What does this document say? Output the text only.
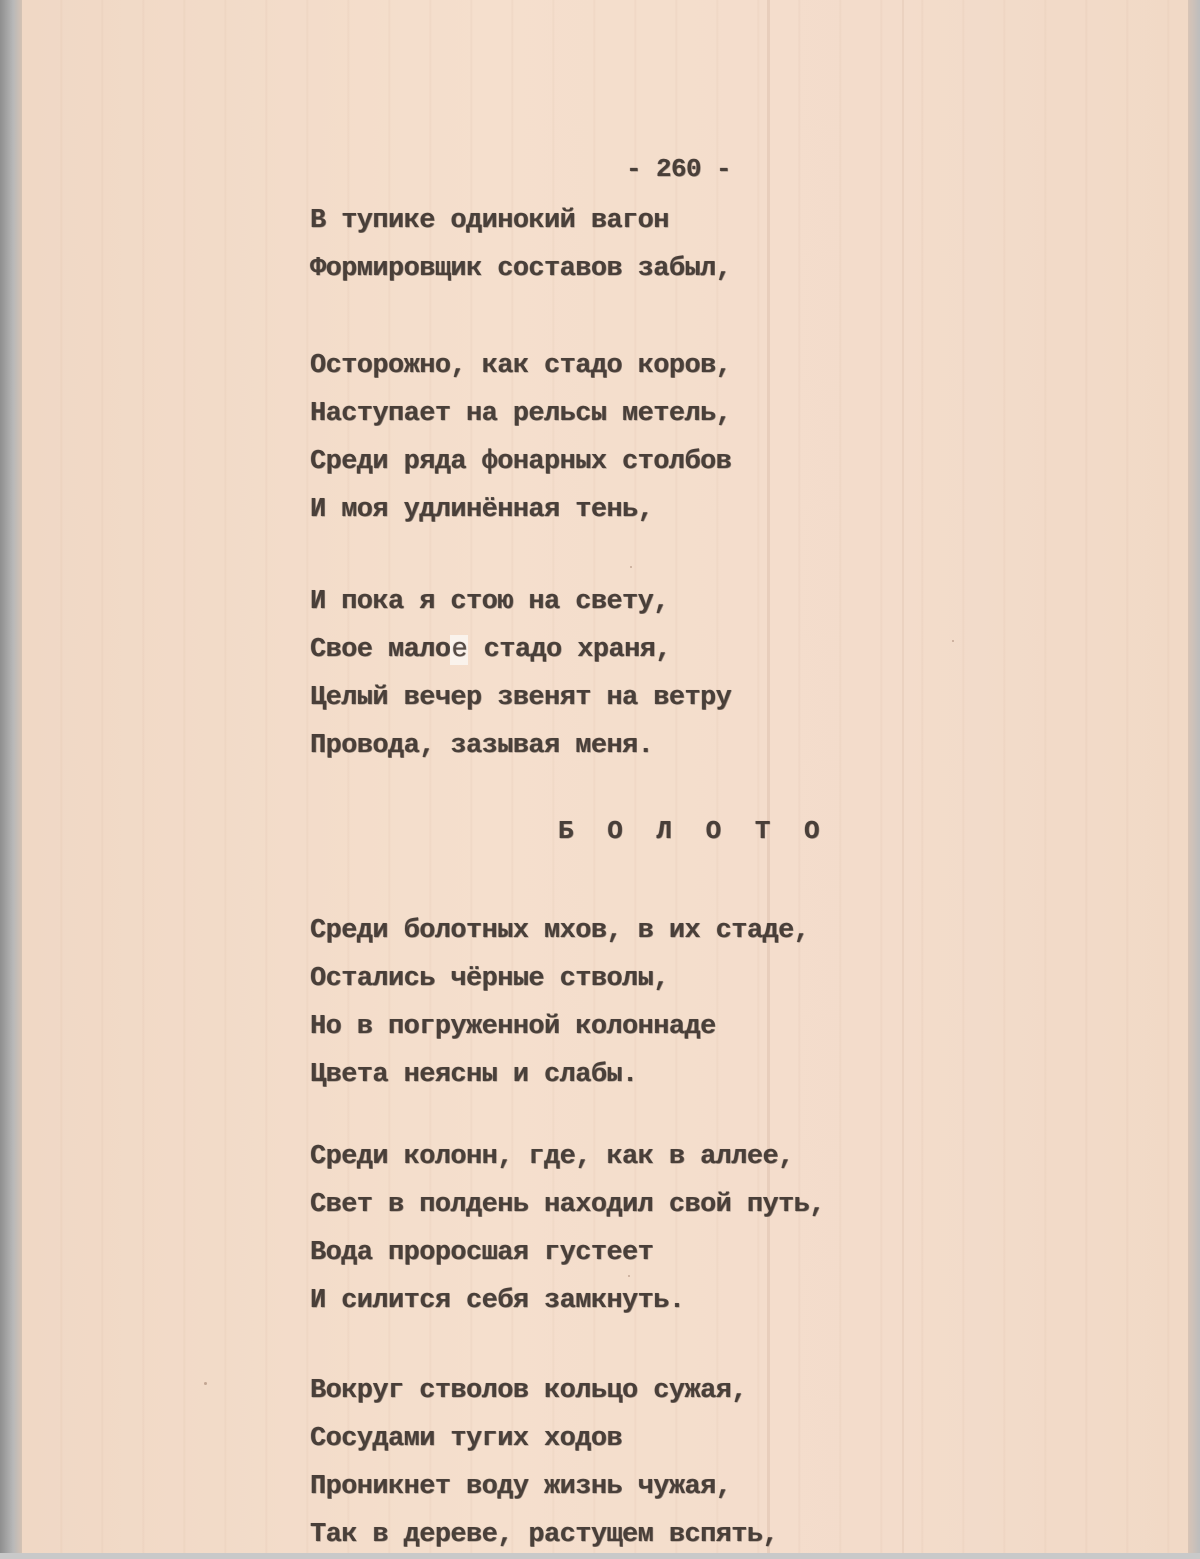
- 260 -
В тупике одинокий вагон
Формировщик составов забыл,
Осторожно, как стадо коров,
Наступает на рельсы метель,
Среди ряда фонарных столбов
И моя удлинённая тень,
И пока я стою на свету,
Свое малое стадо храня,
Целый вечер звенят на ветру
Провода, зазывая меня.
Б О Л О Т О
Среди болотных мхов, в их стаде,
Остались чёрные стволы,
Но в погруженной колоннаде
Цвета неясны и слабы.
Среди колонн, где, как в аллее,
Свет в полдень находил свой путь,
Вода проросшая густеет
И силится себя замкнуть.
Вокруг стволов кольцо сужая,
Сосудами тугих ходов
Проникнет воду жизнь чужая,
Так в дереве, растущем вспять,
